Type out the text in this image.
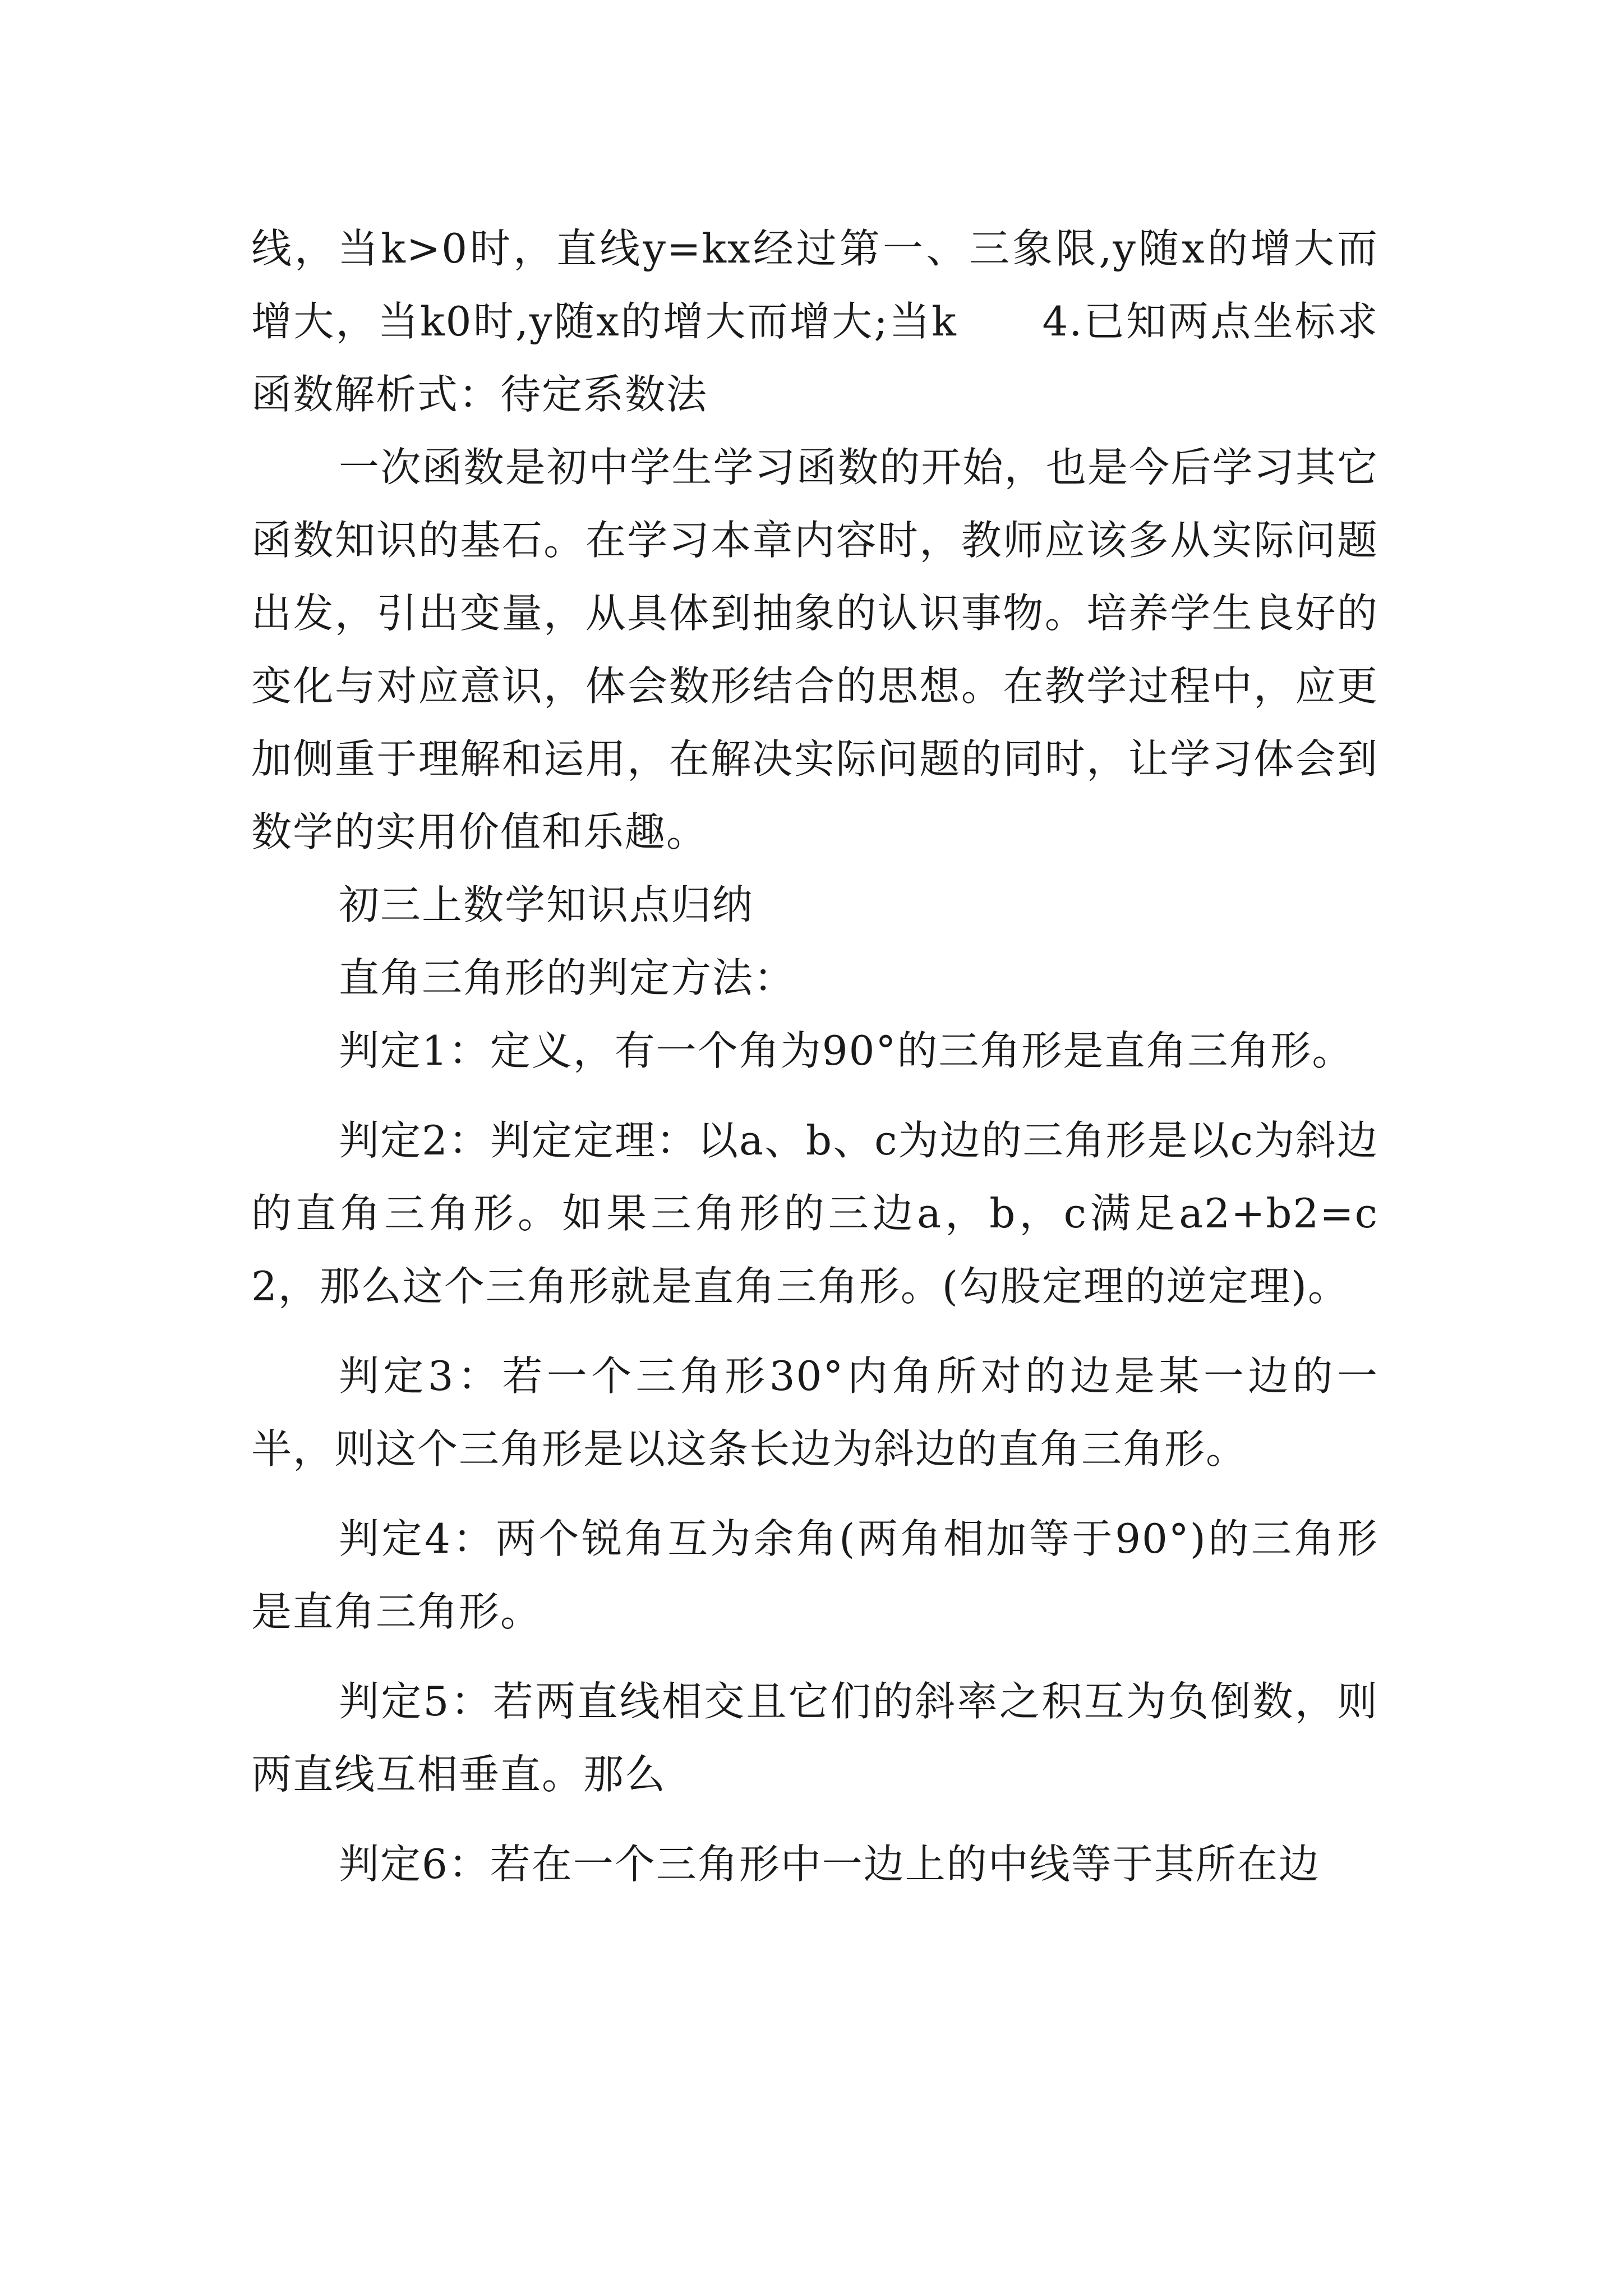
线，当k>0时，直线y=kx经过第一、三象限,y随x的增大而增大，当k0时,y随x的增大而增大;当k　　4.已知两点坐标求函数解析式：待定系数法

一次函数是初中学生学习函数的开始，也是今后学习其它函数知识的基石。在学习本章内容时，教师应该多从实际问题出发，引出变量，从具体到抽象的认识事物。培养学生良好的变化与对应意识，体会数形结合的思想。在教学过程中，应更加侧重于理解和运用，在解决实际问题的同时，让学习体会到数学的实用价值和乐趣。

初三上数学知识点归纳

直角三角形的判定方法：

判定1：定义，有一个角为90°的三角形是直角三角形。

判定2：判定定理：以a、b、c为边的三角形是以c为斜边的直角三角形。如果三角形的三边a，b，c满足a2+b2=c2，那么这个三角形就是直角三角形。(勾股定理的逆定理)。

判定3：若一个三角形30°内角所对的边是某一边的一半，则这个三角形是以这条长边为斜边的直角三角形。

判定4：两个锐角互为余角(两角相加等于90°)的三角形是直角三角形。

判定5：若两直线相交且它们的斜率之积互为负倒数，则两直线互相垂直。那么

判定6：若在一个三角形中一边上的中线等于其所在边
